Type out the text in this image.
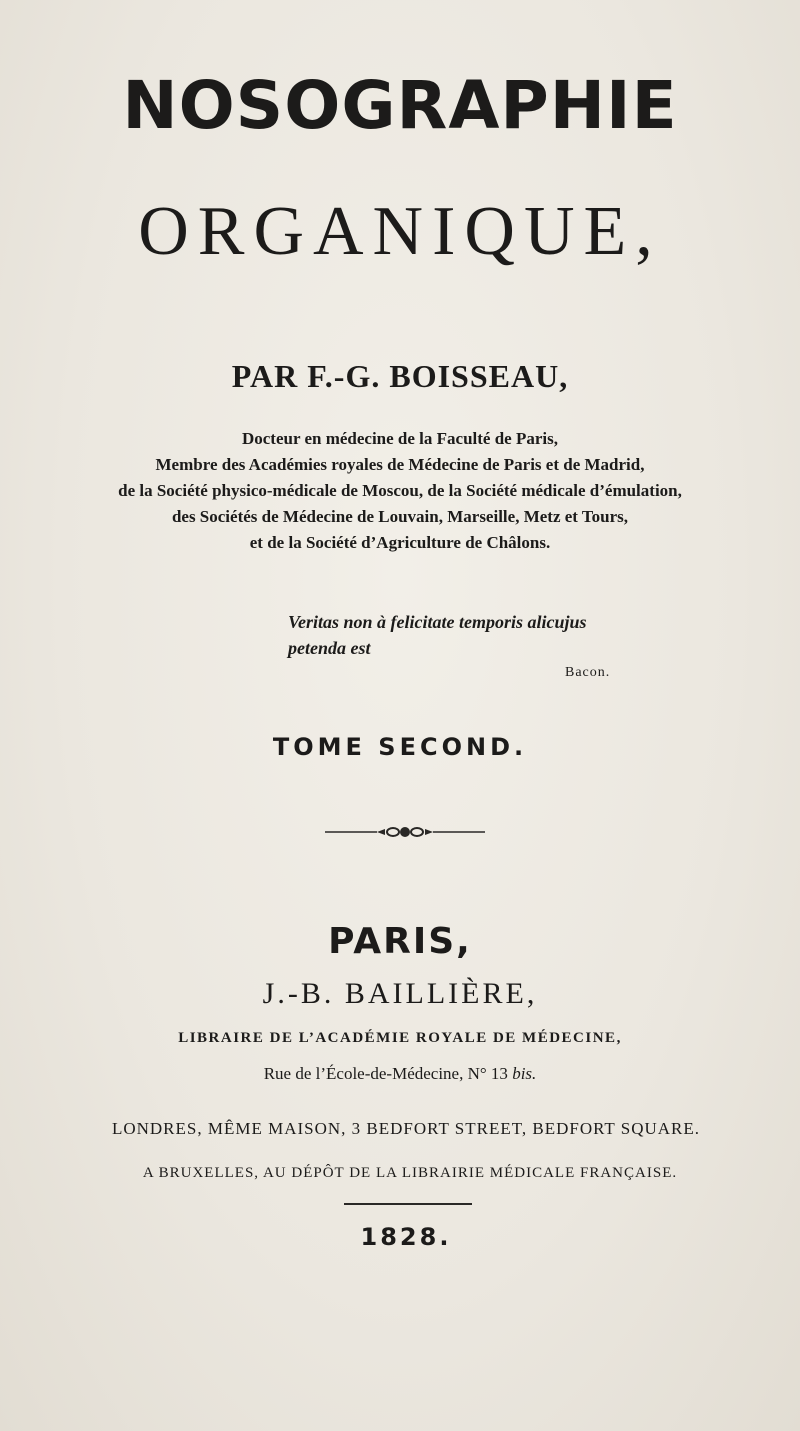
NOSOGRAPHIE
ORGANIQUE,
PAR F.-G. BOISSEAU,
Docteur en médecine de la Faculté de Paris,
Membre des Académies royales de Médecine de Paris et de Madrid,
de la Société physico-médicale de Moscou, de la Société médicale d’émulation,
des Sociétés de Médecine de Louvain, Marseille, Metz et Tours,
et de la Société d’Agriculture de Châlons.
Veritas non à felicitate temporis alicujus
petenda est
Bacon.
TOME SECOND.
PARIS,
J.-B. BAILLIÈRE,
LIBRAIRE DE L’ACADÉMIE ROYALE DE MÉDECINE,
Rue de l’École-de-Médecine, N° 13 bis.
LONDRES, MÊME MAISON, 3 BEDFORT STREET, BEDFORT SQUARE.
A BRUXELLES, AU DÉPÔT DE LA LIBRAIRIE MÉDICALE FRANÇAISE.
1828.
